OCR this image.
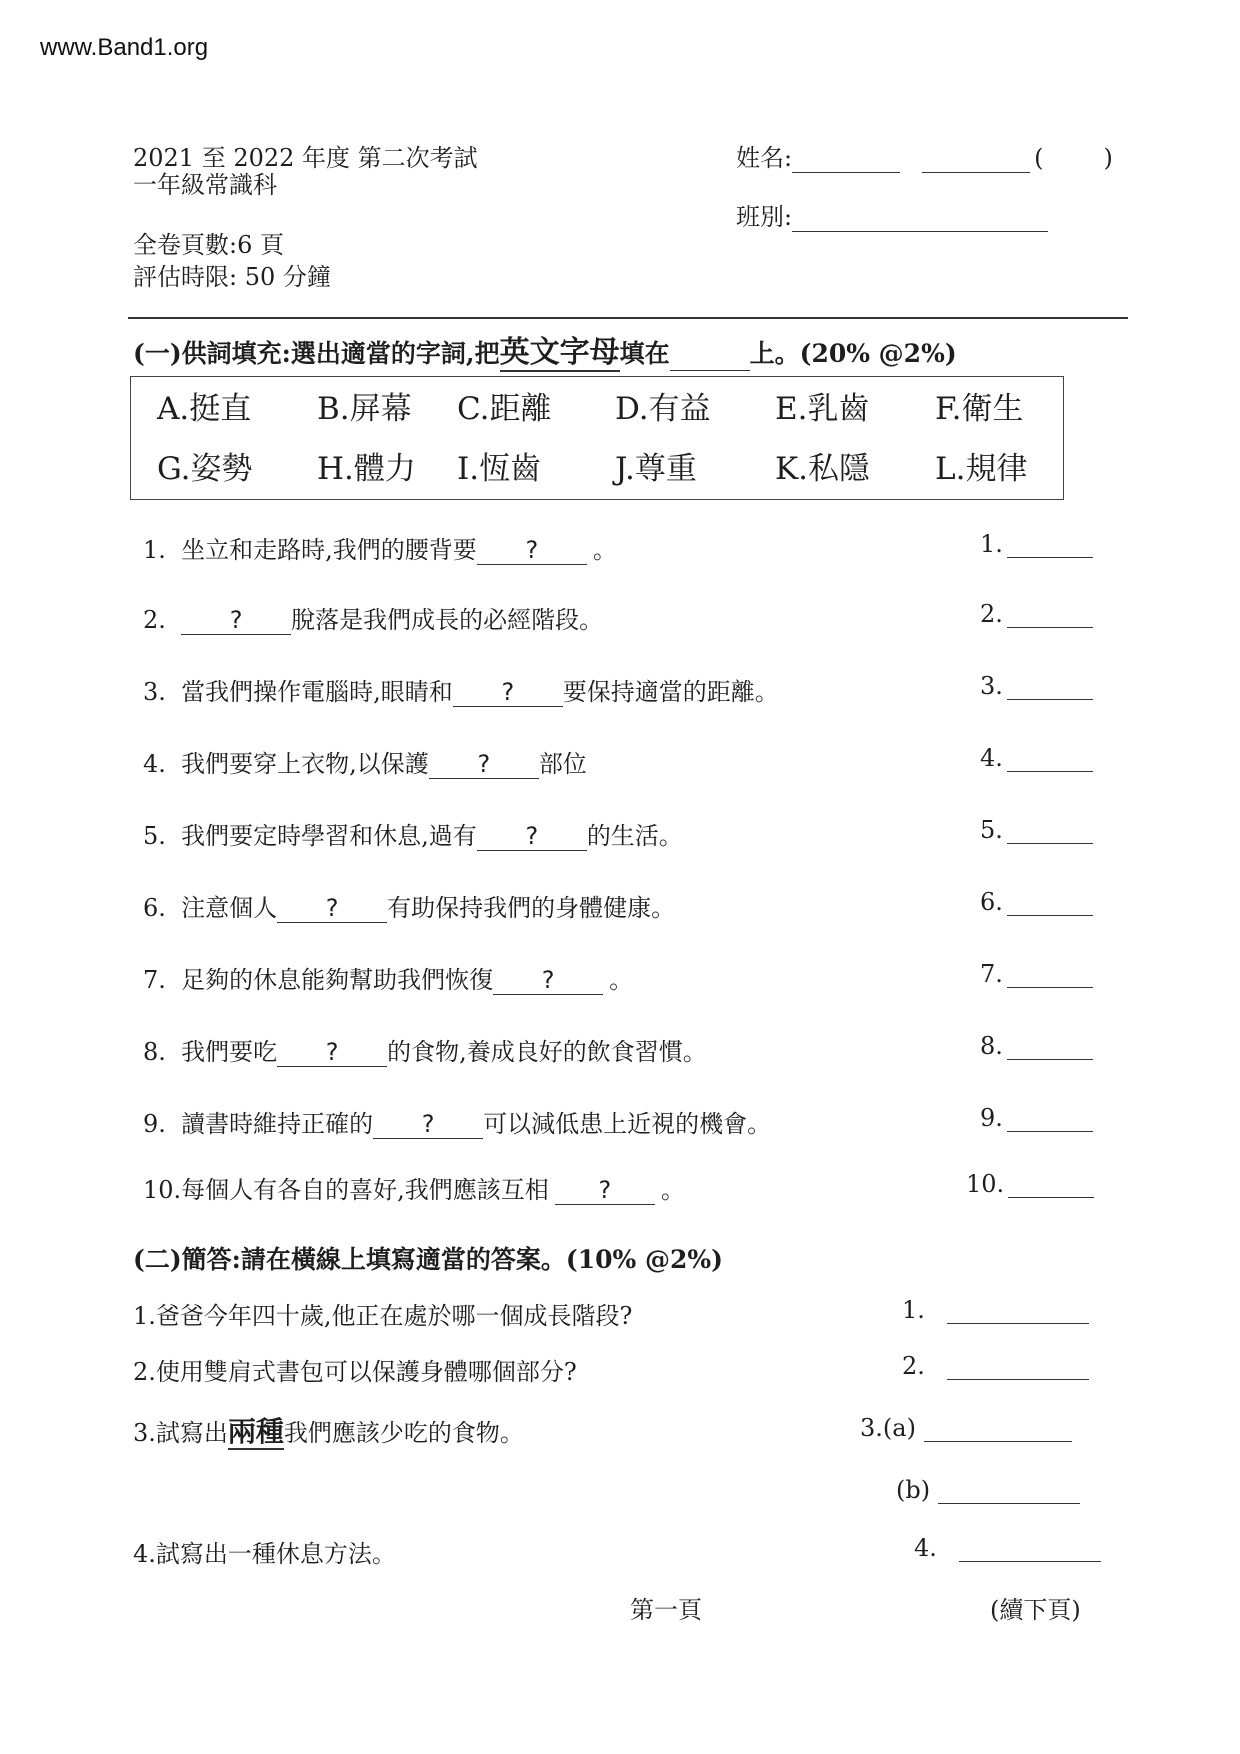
www.Band1.org
2021 至 2022 年度 第二次考試
一年級常識科
全卷頁數:6 頁
評估時限: 50 分鐘
姓名:	(	)
班別:
(一)供詞填充:選出適當的字詞,把英文字母填在	上。(20% @2%)
A.挺直 B.屏幕 C.距離 D.有益 E.乳齒 F.衛生
G.姿勢 H.體力 I.恆齒 J.尊重	K.私隱 L.規律
1. 坐立和走路時,我們的腰背要 ? 。	1.
2.	? 脫落是我們成長的必經階段。	2.
3. 當我們操作電腦時,眼睛和 ? 要保持適當的距離。	3.
4. 我們要穿上衣物,以保護 ? 部位	4.
5. 我們要定時學習和休息,過有 ? 的生活。	5.
6. 注意個人 ? 有助保持我們的身體健康。	6.
7. 足夠的休息能夠幫助我們恢復 ? 。	7.
8. 我們要吃 ? 的食物,養成良好的飲食習慣。	8.
9. 讀書時維持正確的 ? 可以減低患上近視的機會。	9.
10.每個人有各自的喜好,我們應該互相 ? 。	10.
(二)簡答:請在橫線上填寫適當的答案。(10% @2%)
1.爸爸今年四十歲,他正在處於哪一個成長階段?	1.
2.使用雙肩式書包可以保護身體哪個部分?	2.
3.試寫出兩種我們應該少吃的食物。	3.(a)
(b)
4.試寫出一種休息方法。	4.
第一頁	(續下頁)
